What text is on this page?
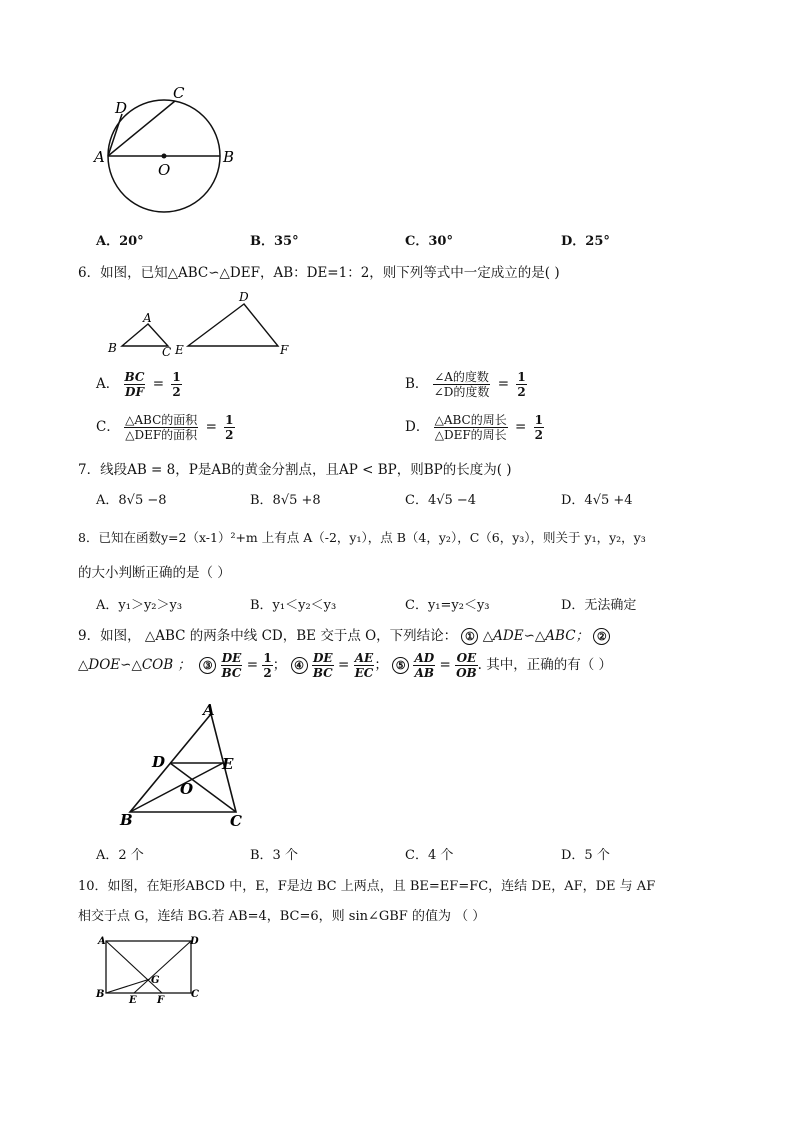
A	B
C
D
O
A．20°	B．35°	C．30°	D．25°
6．如图，已知△ABC∽△DEF，AB：DE=1：2，则下列等式中一定成立的是( )
A
B	C
D
E	F
A． $\frac{BC}{DF} = \frac{1}{2}$	B． $\frac{\text{∠A的度数}}{\text{∠D的度数}} = \frac{1}{2}$
C． $\frac{\text{△ABC的面积}}{\text{△DEF的面积}} = \frac{1}{2}$	D． $\frac{\text{△ABC的周长}}{\text{△DEF的周长}} = \frac{1}{2}$
7．线段AB = 8，P是AB的黄金分割点，且AP < BP，则BP的长度为( )
A．8√5 −8	B．8√5 +8	C．4√5 −4	D．4√5 +4
8．已知在函数y=2（x-1）²+m 上有点 A（-2，y₁），点 B（4，y₂），C（6，y₃），则关于 y₁，y₂，y₃
的大小判断正确的是（ ）
A．y₁＞y₂＞y₃	B．y₁＜y₂＜y₃	C．y₁=y₂＜y₃	D．无法确定
9．如图， △ABC 的两条中线 CD，BE 交于点 O，下列结论： ① △ADE∽△ABC； ②
△DOE∽△COB ； ③ $\frac{DE}{BC} = \frac{1}{2}$ ； ④ $\frac{DE}{BC} = \frac{AE}{EC}$ ； ⑤ $\frac{AD}{AB} = \frac{OE}{OB}$ . 其中，正确的有（ ）
A
B	C
D	E
O
A．2 个	B．3 个	C．4 个	D．5 个
10．如图，在矩形ABCD 中，E，F是边 BC 上两点，且 BE=EF=FC，连结 DE，AF，DE 与 AF
相交于点 G，连结 BG.若 AB=4，BC=6，则 sin∠GBF 的值为 （ ）
A	D
B	C
E F
G
